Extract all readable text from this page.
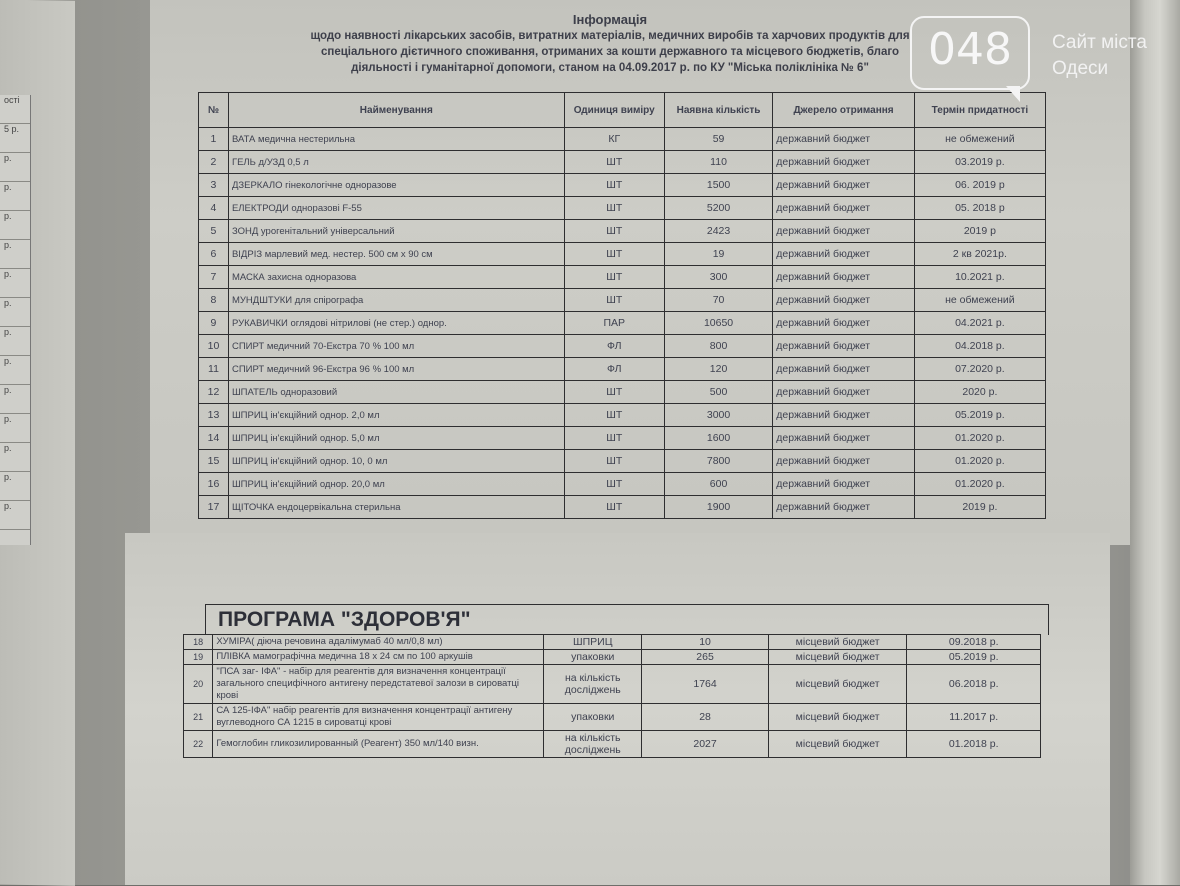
ості
5 р.
р.
р.
р.
р.
р.
р.
р.
р.
р.
р.
р.
р.
р.
Інформація
щодо наявності лікарських засобів, витратних матеріалів, медичних виробів та харчових продуктів для
спеціального дієтичного споживання, отриманих за кошти державного та місцевого бюджетів, благо
діяльності і гуманітарної допомоги, станом на 04.09.2017 р. по КУ "Міська поліклініка № 6"
№	Найменування	Одиниця виміру	Наявна кількість	Джерело отримання	Термін придатності
1	ВАТА медична нестерильна	КГ	59	державний бюджет	не обмежений
2	ГЕЛЬ д/УЗД 0,5 л	ШТ	110	державний бюджет	03.2019 р.
3	ДЗЕРКАЛО гінекологічне одноразове	ШТ	1500	державний бюджет	06. 2019 р
4	ЕЛЕКТРОДИ одноразові F-55	ШТ	5200	державний бюджет	05. 2018 р
5	ЗОНД урогенітальний універсальний	ШТ	2423	державний бюджет	2019 р
6	ВІДРІЗ марлевий мед. нестер. 500 см х 90 см	ШТ	19	державний бюджет	2 кв 2021р.
7	МАСКА захисна одноразова	ШТ	300	державний бюджет	10.2021 р.
8	МУНДШТУКИ для спірографа	ШТ	70	державний бюджет	не обмежений
9	РУКАВИЧКИ оглядові нітрилові (не стер.) однор.	ПАР	10650	державний бюджет	04.2021 р.
10	СПИРТ медичний 70-Екстра 70 % 100 мл	ФЛ	800	державний бюджет	04.2018 р.
11	СПИРТ медичний 96-Екстра 96 % 100 мл	ФЛ	120	державний бюджет	07.2020 р.
12	ШПАТЕЛЬ одноразовий	ШТ	500	державний бюджет	2020 р.
13	ШПРИЦ ін'єкційний однор. 2,0 мл	ШТ	3000	державний бюджет	05.2019 р.
14	ШПРИЦ ін'єкційний однор. 5,0 мл	ШТ	1600	державний бюджет	01.2020 р.
15	ШПРИЦ ін'єкційний однор. 10, 0 мл	ШТ	7800	державний бюджет	01.2020 р.
16	ШПРИЦ ін'єкційний однор. 20,0 мл	ШТ	600	державний бюджет	01.2020 р.
17	ЩІТОЧКА ендоцервікальна стерильна	ШТ	1900	державний бюджет	2019 р.
ПРОГРАМА "ЗДОРОВ'Я"
18	ХУМІРА( діюча речовина адалімумаб 40 мл/0,8 мл)	ШПРИЦ	10	місцевий бюджет	09.2018 р.
19	ПЛІВКА мамографічна медична 18 х 24 см по 100 аркушів	упаковки	265	місцевий бюджет	05.2019 р.
20	"ПСА заг- ІФА" - набір для реагентів для визначення концентрації загального специфічного антигену передстатевої залози в сироватці крові	на кількість досліджень	1764	місцевий бюджет	06.2018 р.
21	СА 125-ІФА" набір реагентів для визначення концентрації антигену вуглеводного СА 1215 в сироватці крові	упаковки	28	місцевий бюджет	11.2017 р.
22	Гемоглобин гликозилированный (Реагент) 350 мл/140 визн.	на кількість досліджень	2027	місцевий бюджет	01.2018 р.
048	Сайт міста
Одеси
